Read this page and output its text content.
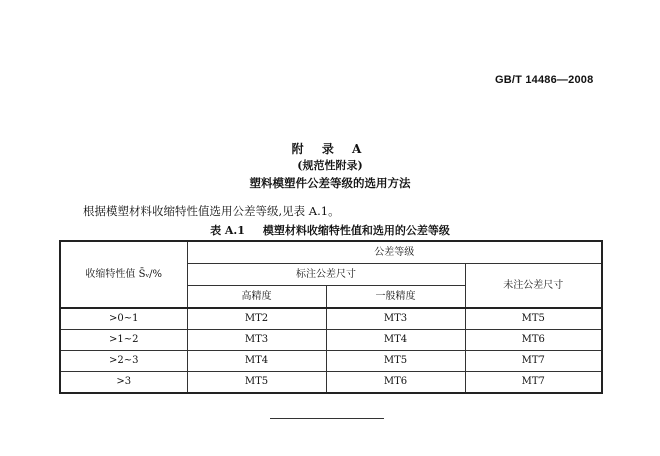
GB/T 14486—2008
附 录 A
(规范性附录)
塑料模塑件公差等级的选用方法
根据模塑材料收缩特性值选用公差等级,见表 A.1。
表 A.1 模塑材料收缩特性值和选用的公差等级
收缩特性值 S̄ᵥ/%	公差等级		
	标注公差尺寸		未注公差尺寸
	高精度	一般精度	
>0~1	MT2	MT3	MT5
>1~2	MT3	MT4	MT6
>2~3	MT4	MT5	MT7
>3	MT5	MT6	MT7
